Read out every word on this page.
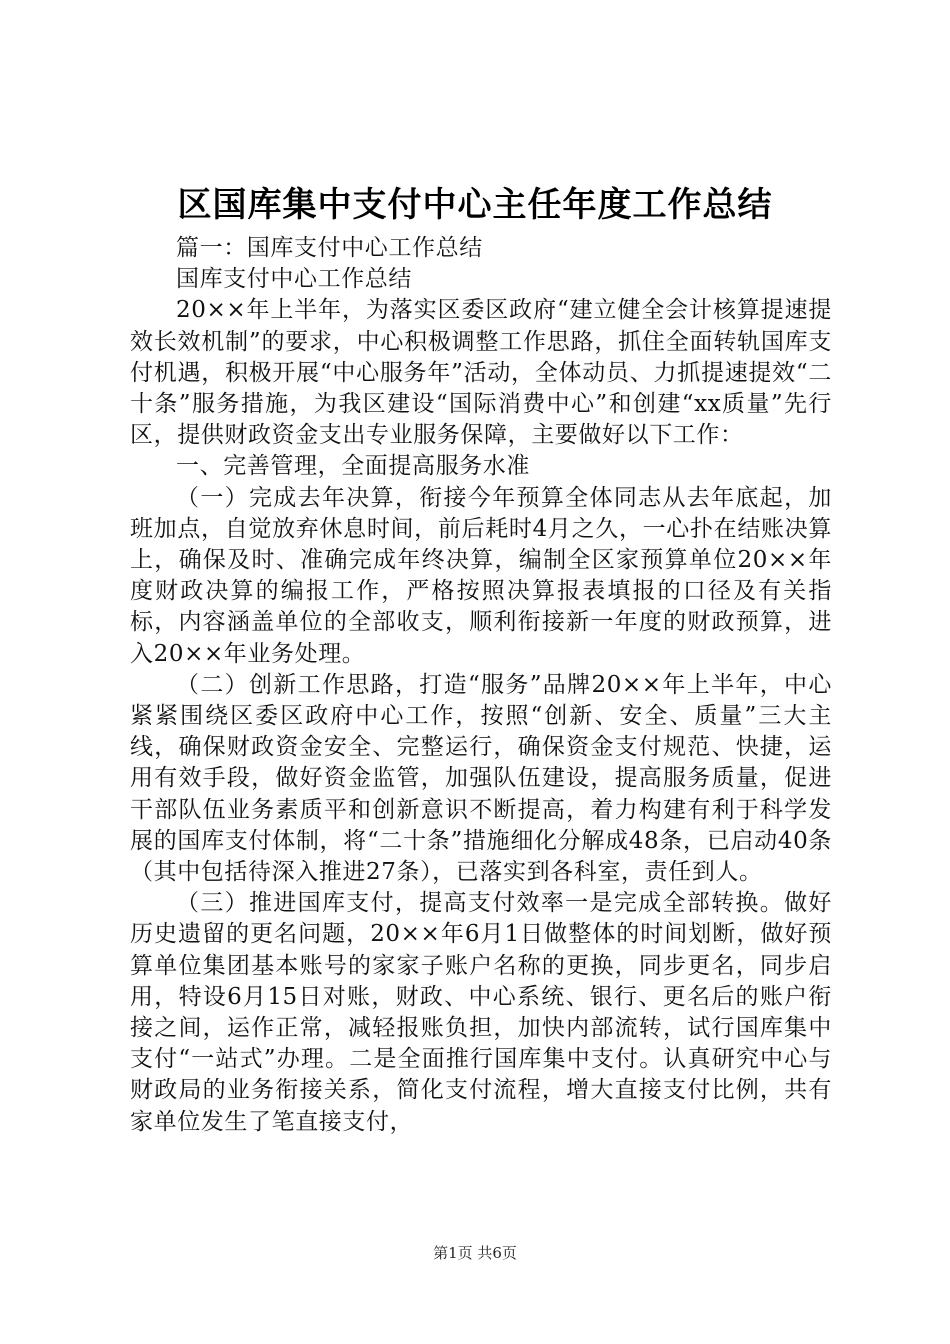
区国库集中支付中心主任年度工作总结

篇一：国库支付中心工作总结

国库支付中心工作总结

20××年上半年，为落实区委区政府“建立健全会计核算提速提效长效机制”的要求，中心积极调整工作思路，抓住全面转轨国库支付机遇，积极开展“中心服务年”活动，全体动员、力抓提速提效“二十条”服务措施，为我区建设“国际消费中心”和创建“xx质量”先行区，提供财政资金支出专业服务保障，主要做好以下工作：

一、完善管理，全面提高服务水准

（一）完成去年决算，衔接今年预算全体同志从去年底起，加班加点，自觉放弃休息时间，前后耗时4月之久，一心扑在结账决算上，确保及时、准确完成年终决算，编制全区家预算单位20××年度财政决算的编报工作，严格按照决算报表填报的口径及有关指标，内容涵盖单位的全部收支，顺利衔接新一年度的财政预算，进入20××年业务处理。

（二）创新工作思路，打造“服务”品牌20××年上半年，中心紧紧围绕区委区政府中心工作，按照“创新、安全、质量”三大主线，确保财政资金安全、完整运行，确保资金支付规范、快捷，运用有效手段，做好资金监管，加强队伍建设，提高服务质量，促进干部队伍业务素质平和创新意识不断提高，着力构建有利于科学发展的国库支付体制，将“二十条”措施细化分解成48条，已启动40条（其中包括待深入推进27条），已落实到各科室，责任到人。

（三）推进国库支付，提高支付效率一是完成全部转换。做好历史遗留的更名问题，20××年6月1日做整体的时间划断，做好预算单位集团基本账号的家家子账户名称的更换，同步更名，同步启用，特设6月15日对账，财政、中心系统、银行、更名后的账户衔接之间，运作正常，减轻报账负担，加快内部流转，试行国库集中支付“一站式”办理。二是全面推行国库集中支付。认真研究中心与财政局的业务衔接关系，简化支付流程，增大直接支付比例，共有家单位发生了笔直接支付，

第1页 共6页
